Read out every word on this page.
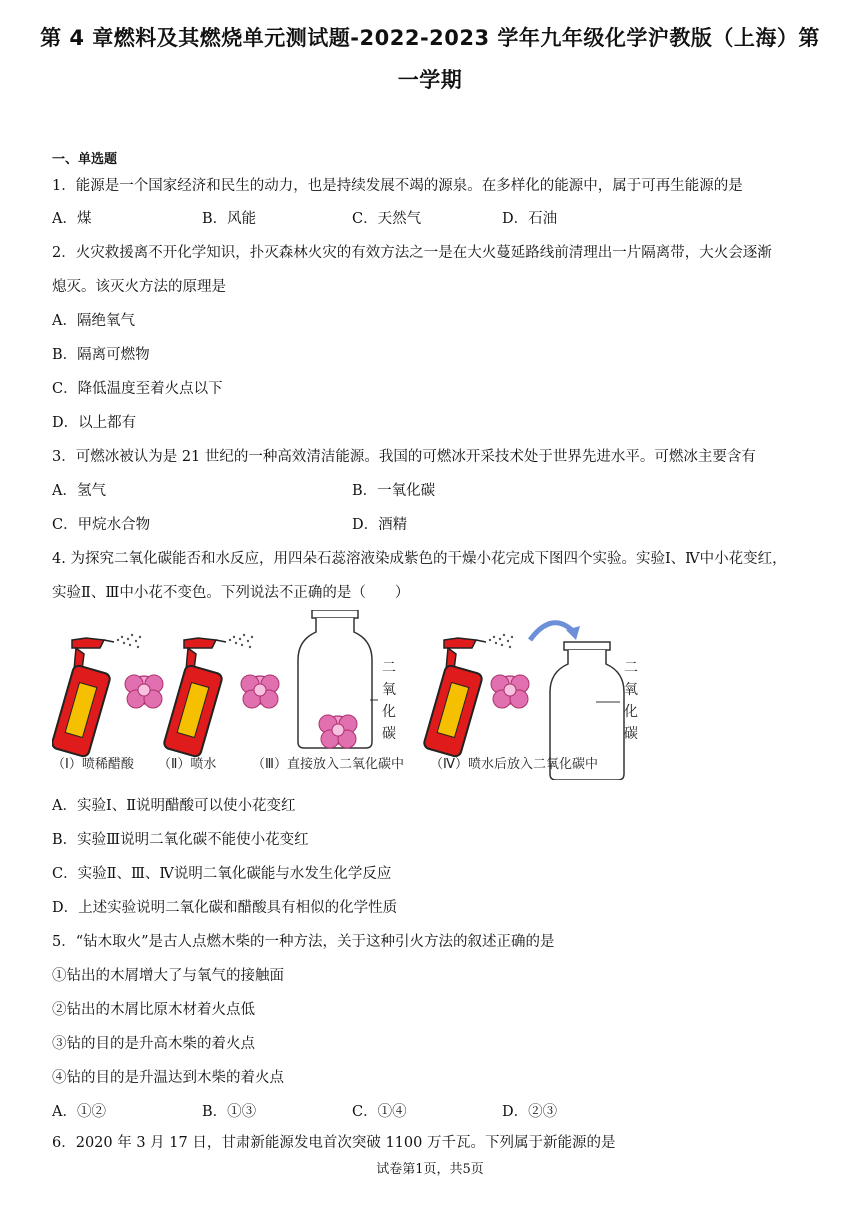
第 4 章燃料及其燃烧单元测试题-2022-2023 学年九年级化学沪教版（上海）第
一学期
一、单选题
1．能源是一个国家经济和民生的动力，也是持续发展不竭的源泉。在多样化的能源中，属于可再生能源的是
A．煤	B．风能	C．天然气	D．石油
2．火灾救援离不开化学知识，扑灭森林火灾的有效方法之一是在大火蔓延路线前清理出一片隔离带，大火会逐渐
熄灭。该灭火方法的原理是
A．隔绝氧气
B．隔离可燃物
C．降低温度至着火点以下
D．以上都有
3．可燃冰被认为是 21 世纪的一种高效清洁能源。我国的可燃冰开采技术处于世界先进水平。可燃冰主要含有
A．氢气	B．一氧化碳
C．甲烷水合物	D．酒精
4. 为探究二氧化碳能否和水反应，用四朵石蕊溶液染成紫色的干燥小花完成下图四个实验。实验Ⅰ、Ⅳ中小花变红，
实验Ⅱ、Ⅲ中小花不变色。下列说法不正确的是（　　）
二 氧 化 碳
二 氧 化 碳
（Ⅰ）喷稀醋酸 （Ⅱ）喷水	（Ⅲ）直接放入二氧化碳中 （Ⅳ）喷水后放入二氧化碳中
A．实验Ⅰ、Ⅱ说明醋酸可以使小花变红
B．实验Ⅲ说明二氧化碳不能使小花变红
C．实验Ⅱ、Ⅲ、Ⅳ说明二氧化碳能与水发生化学反应
D．上述实验说明二氧化碳和醋酸具有相似的化学性质
5．“钻木取火”是古人点燃木柴的一种方法，关于这种引火方法的叙述正确的是
①钻出的木屑增大了与氧气的接触面
②钻出的木屑比原木材着火点低
③钻的目的是升高木柴的着火点
④钻的目的是升温达到木柴的着火点
A．①②	B．①③	C．①④	D．②③
6．2020 年 3 月 17 日，甘肃新能源发电首次突破 1100 万千瓦。下列属于新能源的是
试卷第1页，共5页
